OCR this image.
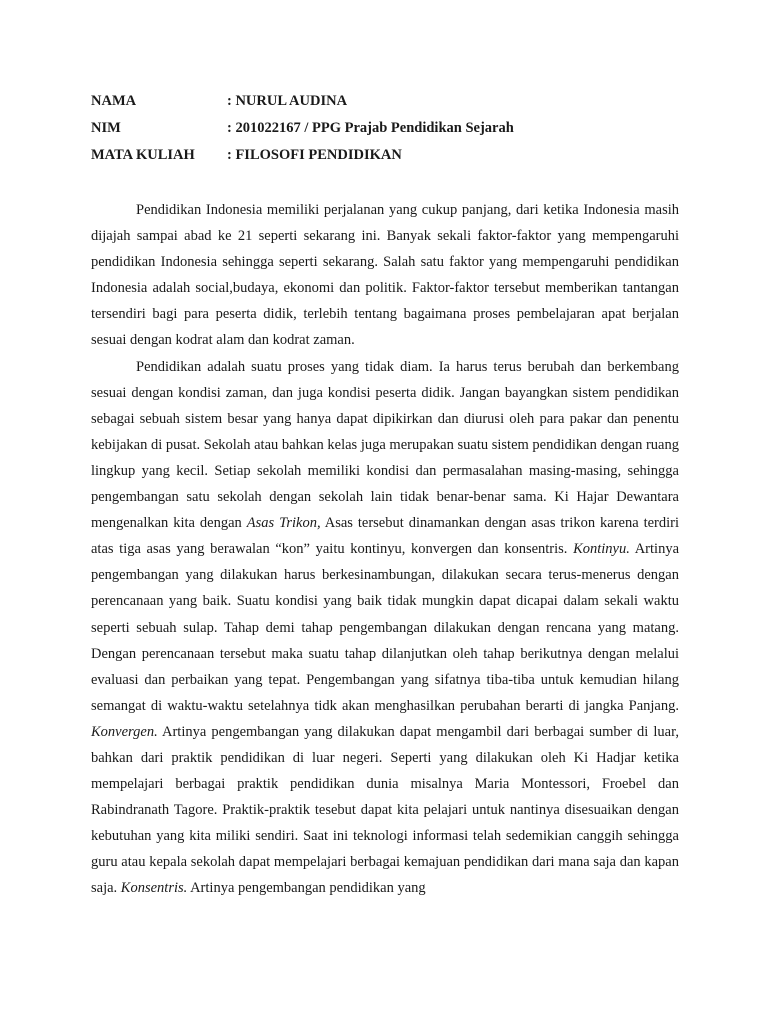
NAMA	: NURUL AUDINA
NIM	: 201022167 / PPG Prajab Pendidikan Sejarah
MATA KULIAH	: FILOSOFI PENDIDIKAN

Pendidikan Indonesia memiliki perjalanan yang cukup panjang, dari ketika Indonesia masih dijajah sampai abad ke 21 seperti sekarang ini. Banyak sekali faktor-faktor yang mempengaruhi pendidikan Indonesia sehingga seperti sekarang. Salah satu faktor yang mempengaruhi pendidikan Indonesia adalah social,budaya, ekonomi dan politik. Faktor-faktor tersebut memberikan tantangan tersendiri bagi para peserta didik, terlebih tentang bagaimana proses pembelajaran apat berjalan sesuai dengan kodrat alam dan kodrat zaman.

Pendidikan adalah suatu proses yang tidak diam. Ia harus terus berubah dan berkembang sesuai dengan kondisi zaman, dan juga kondisi peserta didik. Jangan bayangkan sistem pendidikan sebagai sebuah sistem besar yang hanya dapat dipikirkan dan diurusi oleh para pakar dan penentu kebijakan di pusat. Sekolah atau bahkan kelas juga merupakan suatu sistem pendidikan dengan ruang lingkup yang kecil. Setiap sekolah memiliki kondisi dan permasalahan masing-masing, sehingga pengembangan satu sekolah dengan sekolah lain tidak benar-benar sama. Ki Hajar Dewantara mengenalkan kita dengan Asas Trikon, Asas tersebut dinamankan dengan asas trikon karena terdiri atas tiga asas yang berawalan “kon” yaitu kontinyu, konvergen dan konsentris. Kontinyu. Artinya pengembangan yang dilakukan harus berkesinambungan, dilakukan secara terus-menerus dengan perencanaan yang baik. Suatu kondisi yang baik tidak mungkin dapat dicapai dalam sekali waktu seperti sebuah sulap. Tahap demi tahap pengembangan dilakukan dengan rencana yang matang. Dengan perencanaan tersebut maka suatu tahap dilanjutkan oleh tahap berikutnya dengan melalui evaluasi dan perbaikan yang tepat. Pengembangan yang sifatnya tiba-tiba untuk kemudian hilang semangat di waktu-waktu setelahnya tidk akan menghasilkan perubahan berarti di jangka Panjang. Konvergen. Artinya pengembangan yang dilakukan dapat mengambil dari berbagai sumber di luar, bahkan dari praktik pendidikan di luar negeri. Seperti yang dilakukan oleh Ki Hadjar ketika mempelajari berbagai praktik pendidikan dunia misalnya Maria Montessori, Froebel dan Rabindranath Tagore. Praktik-praktik tesebut dapat kita pelajari untuk nantinya disesuaikan dengan kebutuhan yang kita miliki sendiri. Saat ini teknologi informasi telah sedemikian canggih sehingga guru atau kepala sekolah dapat mempelajari berbagai kemajuan pendidikan dari mana saja dan kapan saja. Konsentris. Artinya pengembangan pendidikan yang
